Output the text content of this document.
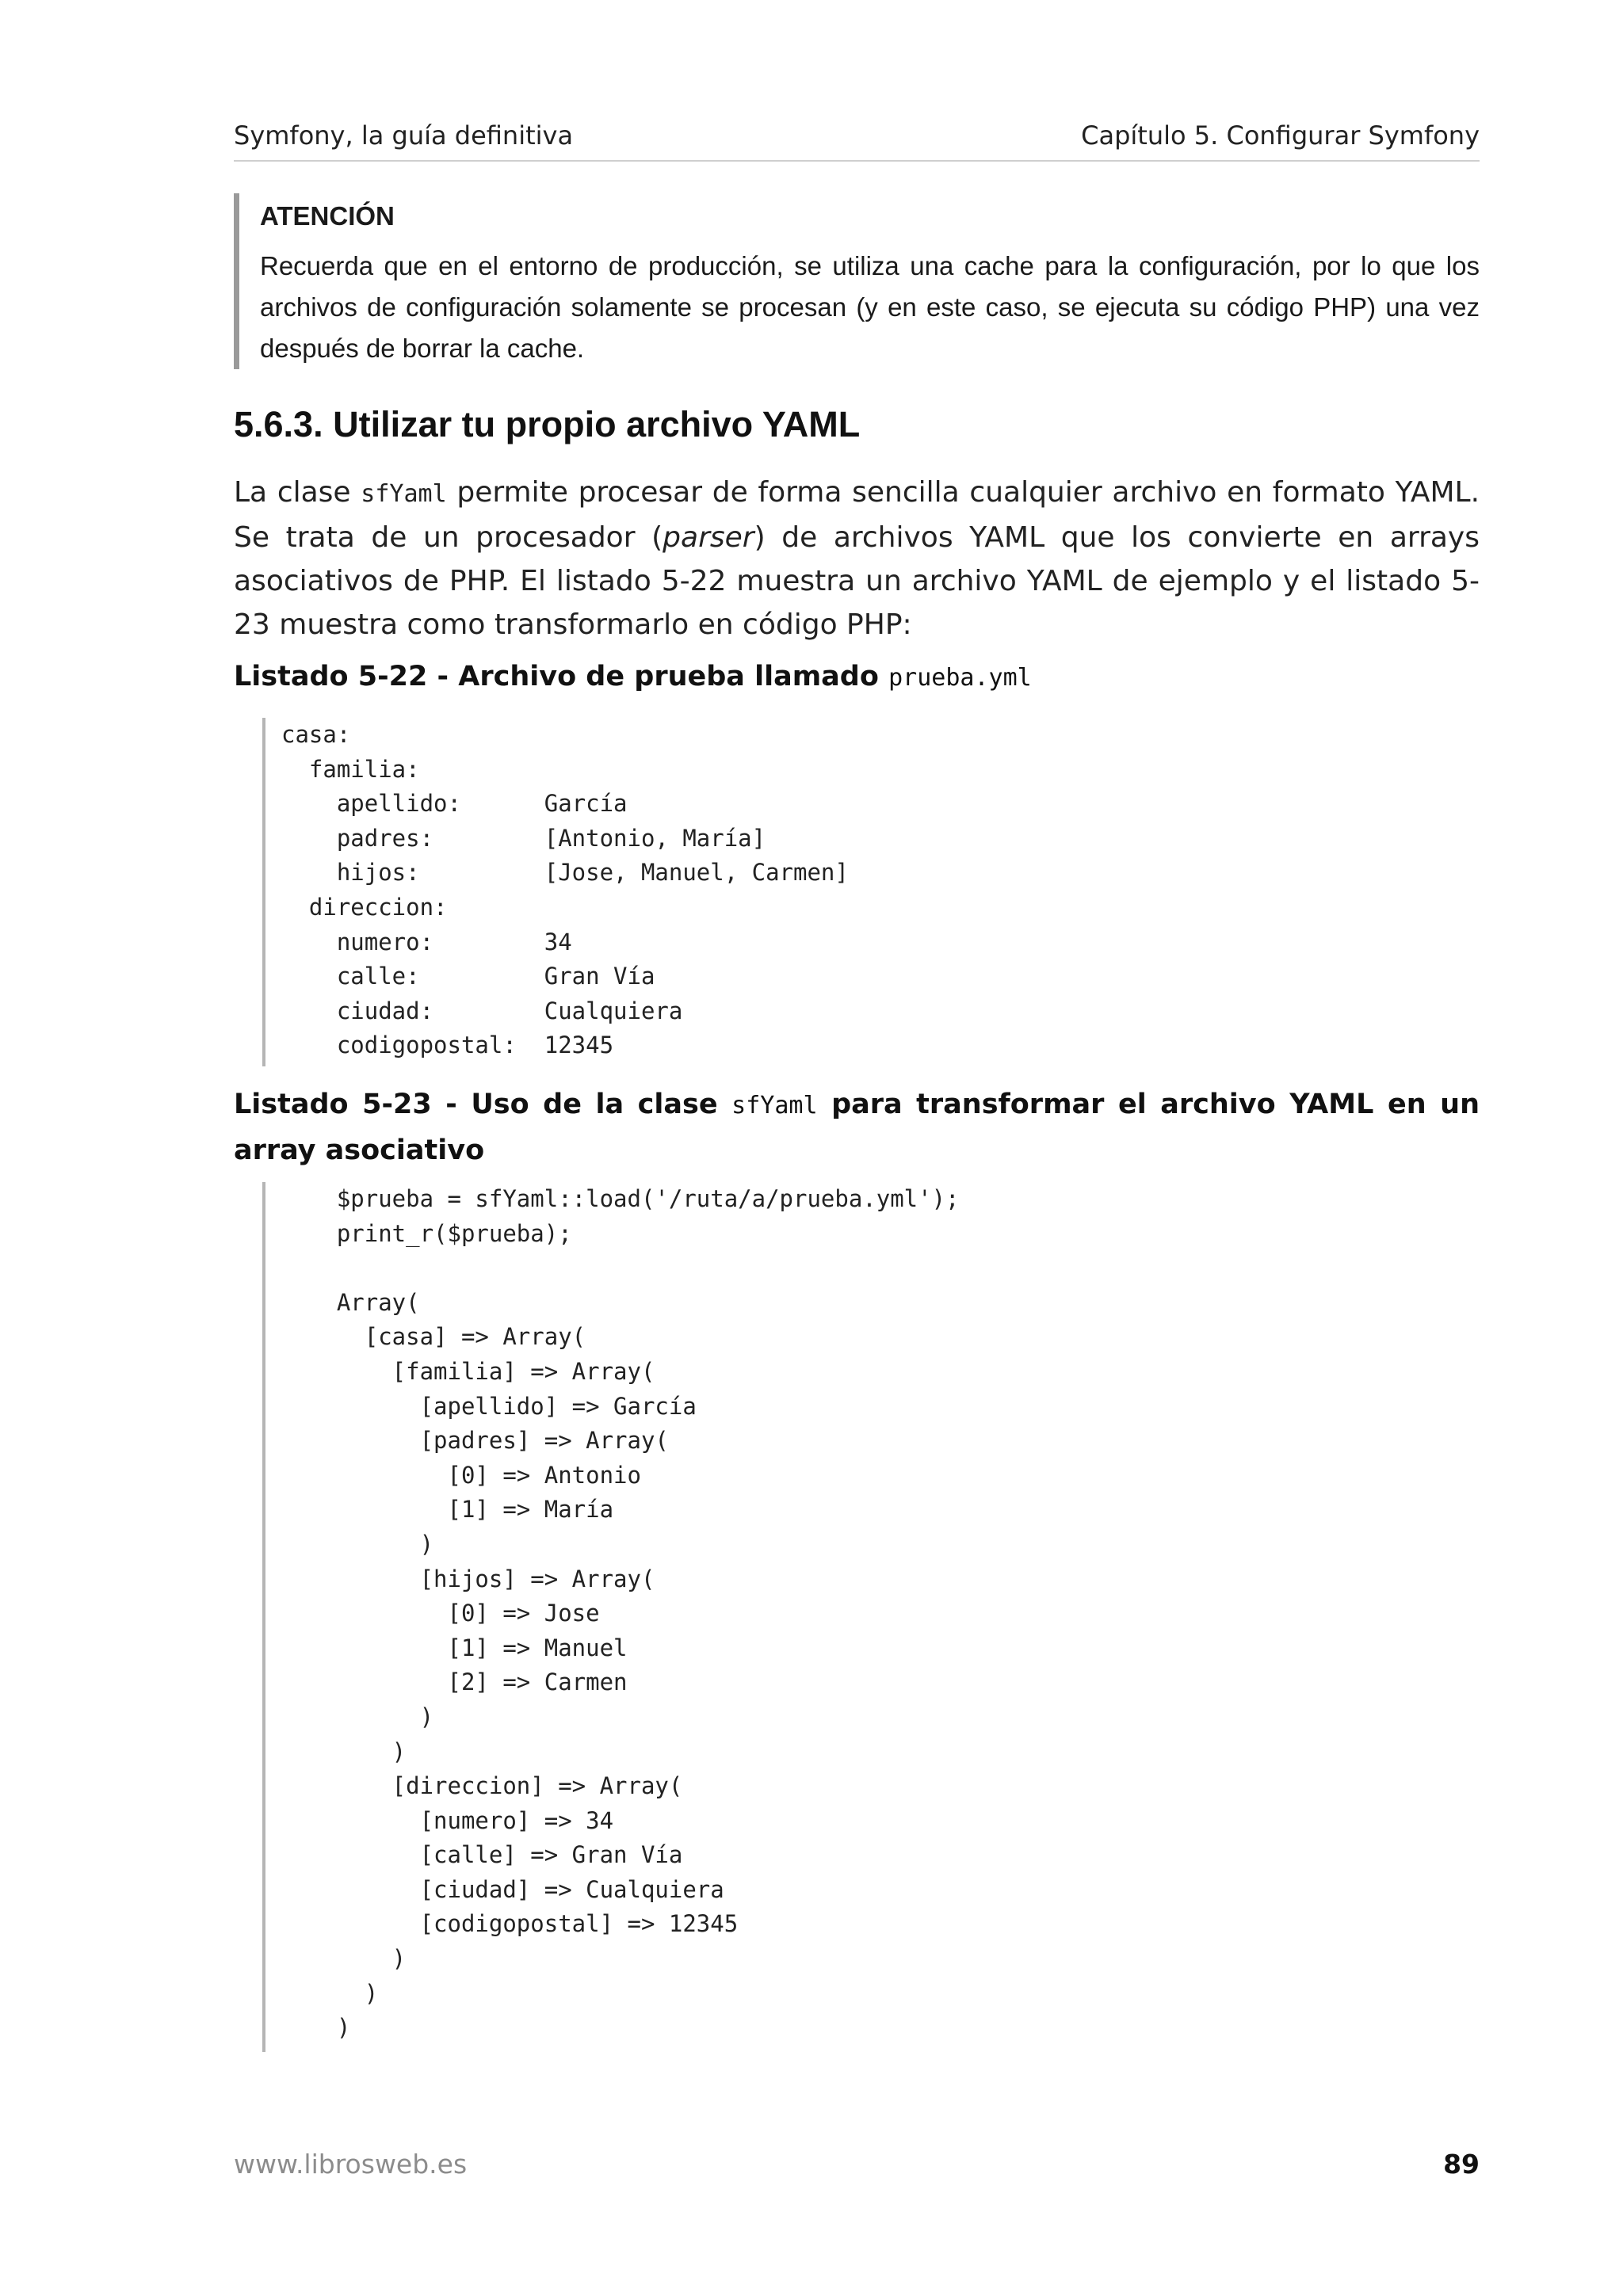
Symfony, la guía definitiva	Capítulo 5. Configurar Symfony
ATENCIÓN
Recuerda que en el entorno de producción, se utiliza una cache para la configuración, por lo que los archivos de configuración solamente se procesan (y en este caso, se ejecuta su código PHP) una vez después de borrar la cache.
5.6.3. Utilizar tu propio archivo YAML
La clase sfYaml permite procesar de forma sencilla cualquier archivo en formato YAML. Se trata de un procesador (parser) de archivos YAML que los convierte en arrays asociativos de PHP. El listado 5-22 muestra un archivo YAML de ejemplo y el listado 5-23 muestra como transformarlo en código PHP:
Listado 5-22 - Archivo de prueba llamado prueba.yml
casa:
familia:
apellido:      García
padres:        [Antonio, María]
hijos:         [Jose, Manuel, Carmen]
direccion:
numero:        34
calle:         Gran Vía
ciudad:        Cualquiera
codigopostal:  12345
Listado 5-23 - Uso de la clase sfYaml para transformar el archivo YAML en un array asociativo
$prueba = sfYaml::load('/ruta/a/prueba.yml');
print_r($prueba);

Array(
[casa] => Array(
[familia] => Array(
[apellido] => García
[padres] => Array(
[0] => Antonio
[1] => María
)
[hijos] => Array(
[0] => Jose
[1] => Manuel
[2] => Carmen
)
)
[direccion] => Array(
[numero] => 34
[calle] => Gran Vía
[ciudad] => Cualquiera
[codigopostal] => 12345
)
)
)
www.librosweb.es	89
